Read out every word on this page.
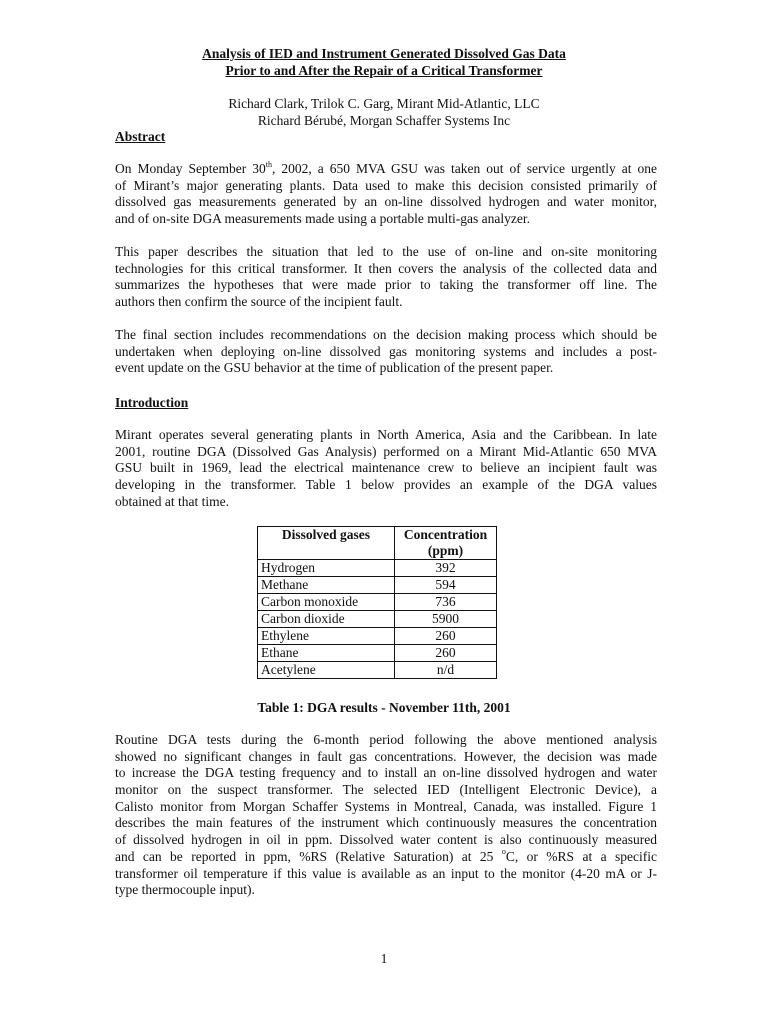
Analysis of IED and Instrument Generated Dissolved Gas Data
Prior to and After the Repair of a Critical Transformer
Richard Clark, Trilok C. Garg, Mirant Mid-Atlantic, LLC
Richard Bérubé, Morgan Schaffer Systems Inc
Abstract
On Monday September 30th, 2002, a 650 MVA GSU was taken out of service urgently at one
of Mirant’s major generating plants. Data used to make this decision consisted primarily of
dissolved gas measurements generated by an on-line dissolved hydrogen and water monitor,
and of on-site DGA measurements made using a portable multi-gas analyzer.
This paper describes the situation that led to the use of on-line and on-site monitoring
technologies for this critical transformer. It then covers the analysis of the collected data and
summarizes the hypotheses that were made prior to taking the transformer off line. The
authors then confirm the source of the incipient fault.
The final section includes recommendations on the decision making process which should be
undertaken when deploying on-line dissolved gas monitoring systems and includes a post-
event update on the GSU behavior at the time of publication of the present paper.
Introduction
Mirant operates several generating plants in North America, Asia and the Caribbean. In late
2001, routine DGA (Dissolved Gas Analysis) performed on a Mirant Mid-Atlantic 650 MVA
GSU built in 1969, lead the electrical maintenance crew to believe an incipient fault was
developing in the transformer. Table 1 below provides an example of the DGA values
obtained at that time.
Dissolved gases	Concentration
(ppm)
Hydrogen	392
Methane	594
Carbon monoxide	736
Carbon dioxide	5900
Ethylene	260
Ethane	260
Acetylene	n/d
Table 1: DGA results - November 11th, 2001
Routine DGA tests during the 6-month period following the above mentioned analysis
showed no significant changes in fault gas concentrations. However, the decision was made
to increase the DGA testing frequency and to install an on-line dissolved hydrogen and water
monitor on the suspect transformer. The selected IED (Intelligent Electronic Device), a
Calisto monitor from Morgan Schaffer Systems in Montreal, Canada, was installed. Figure 1
describes the main features of the instrument which continuously measures the concentration
of dissolved hydrogen in oil in ppm. Dissolved water content is also continuously measured
and can be reported in ppm, %RS (Relative Saturation) at 25 $^o$C, or %RS at a specific
transformer oil temperature if this value is available as an input to the monitor (4-20 mA or J-
type thermocouple input).
1
